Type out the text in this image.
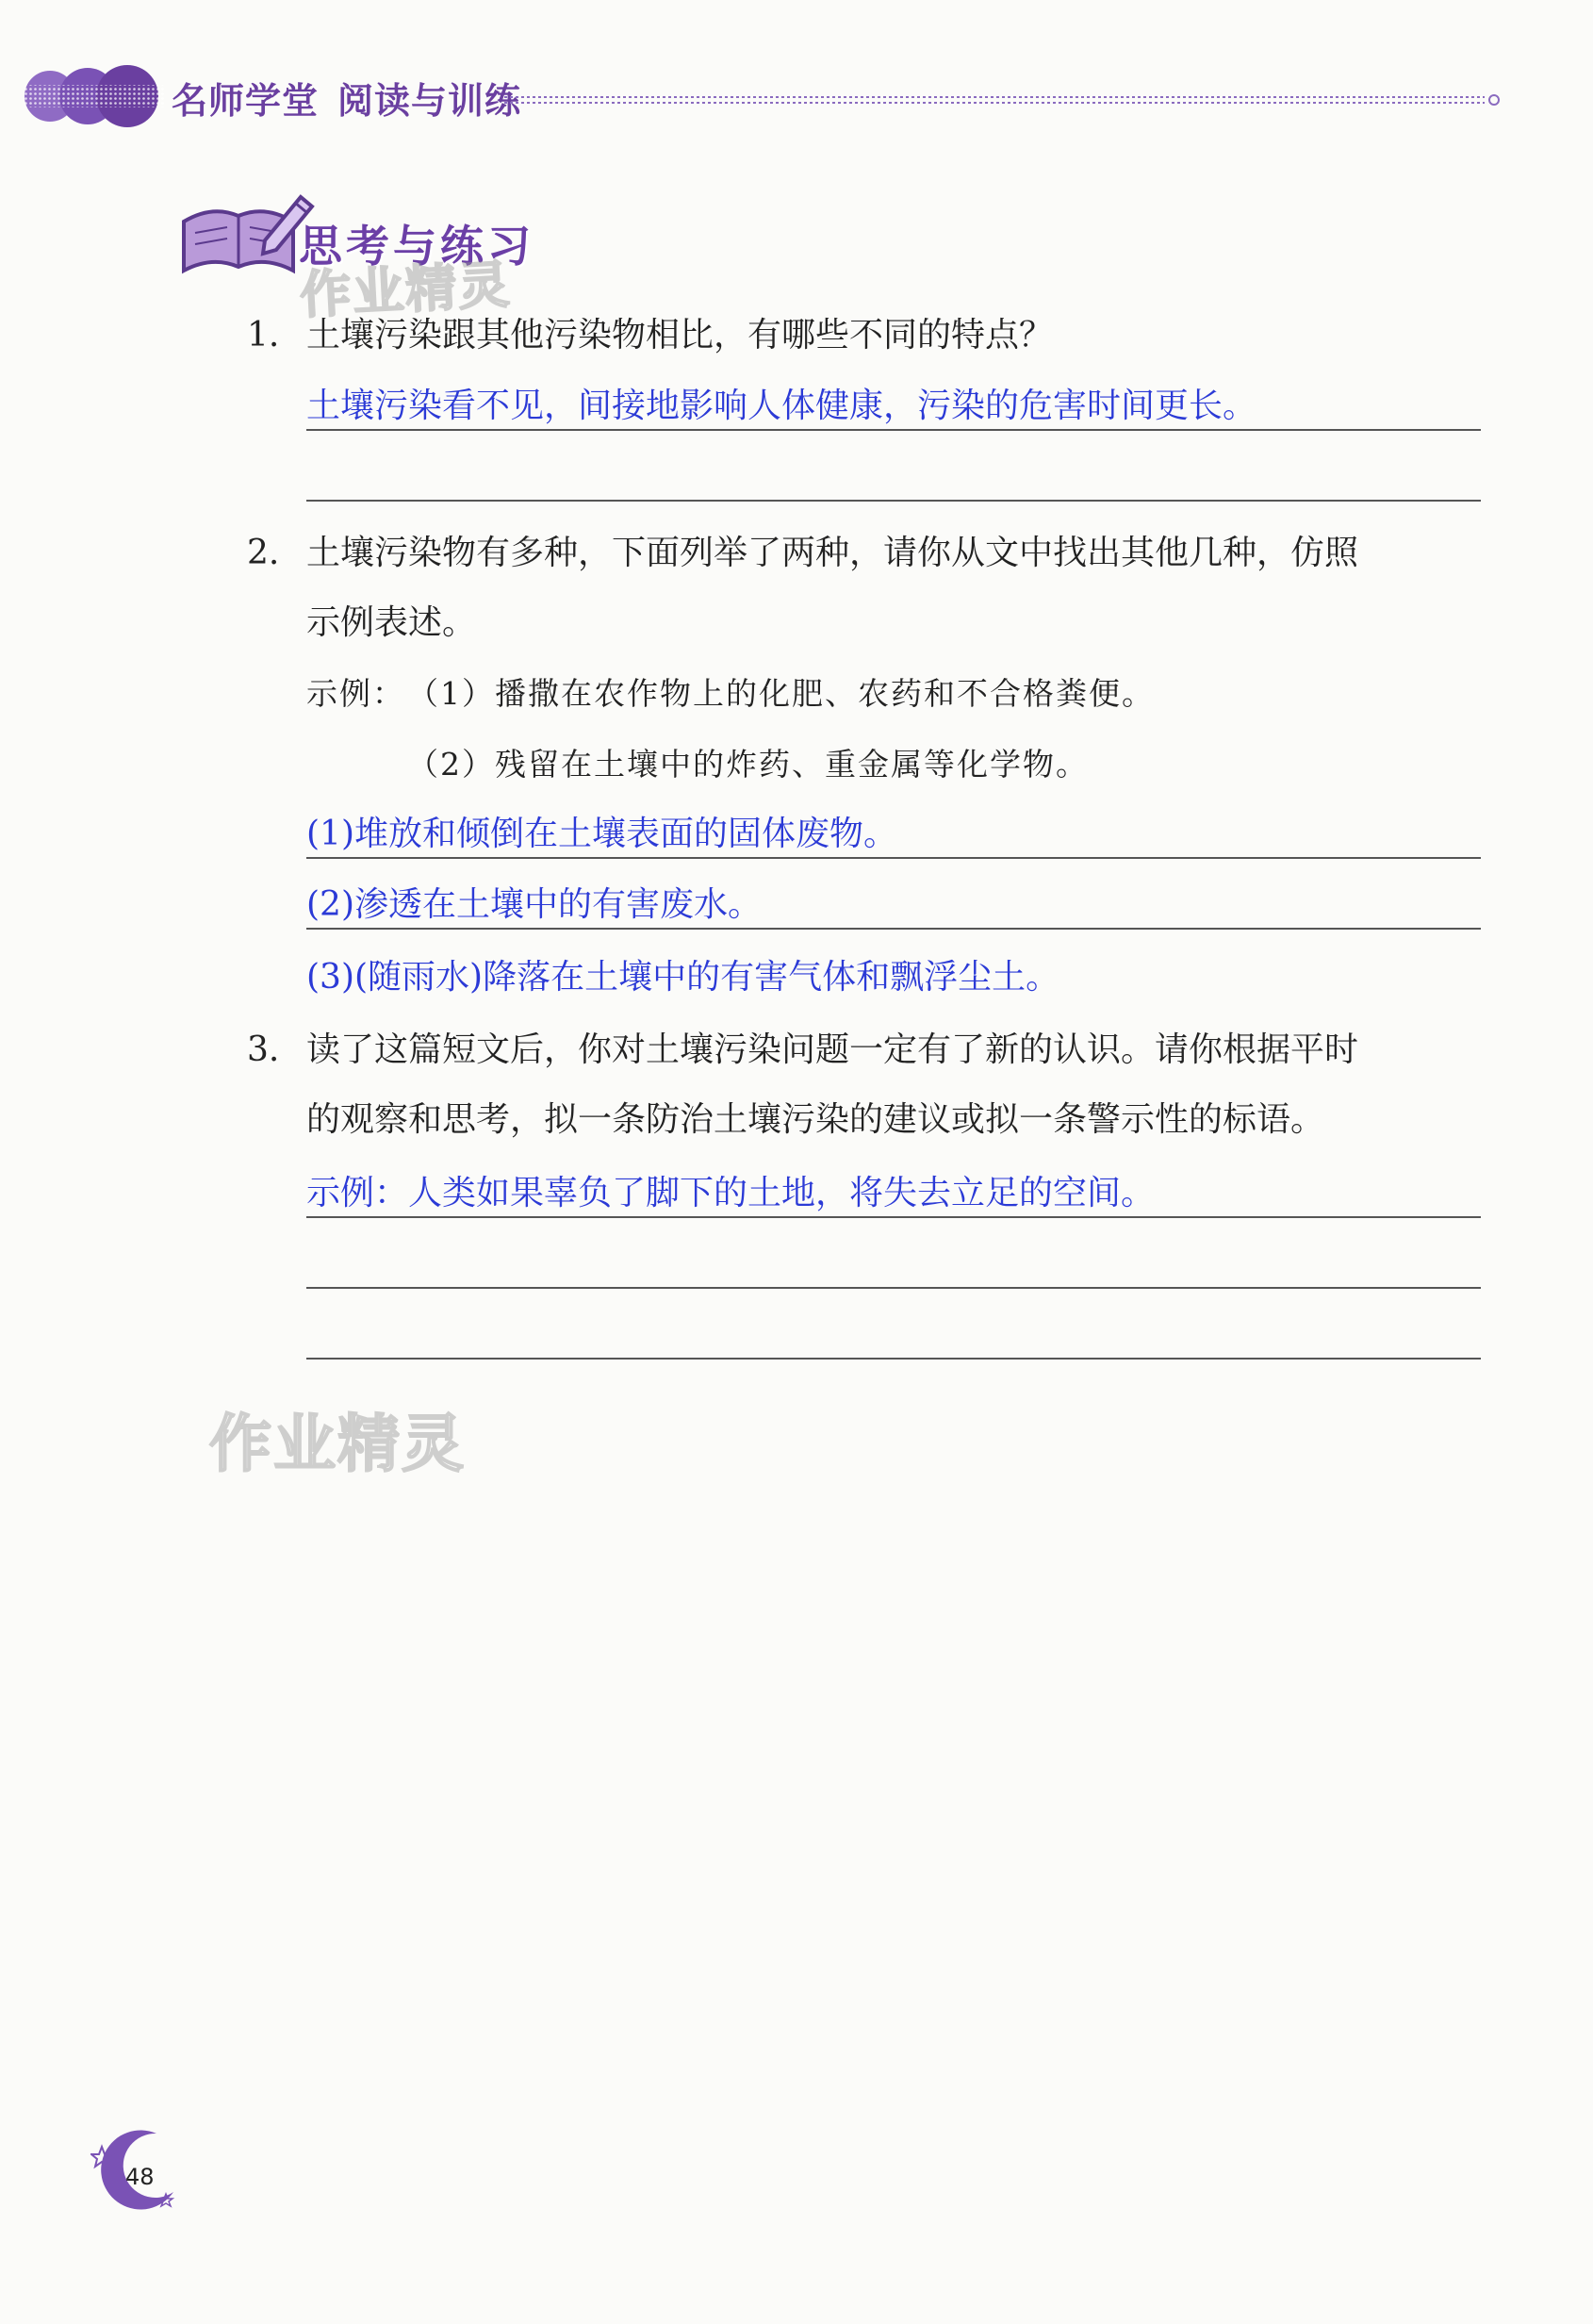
名师学堂 阅读与训练
思考与练习
作业精灵
作业精灵
1. 土壤污染跟其他污染物相比，有哪些不同的特点？
土壤污染看不见，间接地影响人体健康，污染的危害时间更长。
2. 土壤污染物有多种，下面列举了两种，请你从文中找出其他几种，仿照
示例表述。
示例： （1）播撒在农作物上的化肥、农药和不合格粪便。
（2）残留在土壤中的炸药、重金属等化学物。
(1)堆放和倾倒在土壤表面的固体废物。
(2)渗透在土壤中的有害废水。
(3)(随雨水)降落在土壤中的有害气体和飘浮尘土。
3. 读了这篇短文后，你对土壤污染问题一定有了新的认识。请你根据平时
的观察和思考，拟一条防治土壤污染的建议或拟一条警示性的标语。
示例：人类如果辜负了脚下的土地，将失去立足的空间。
48
